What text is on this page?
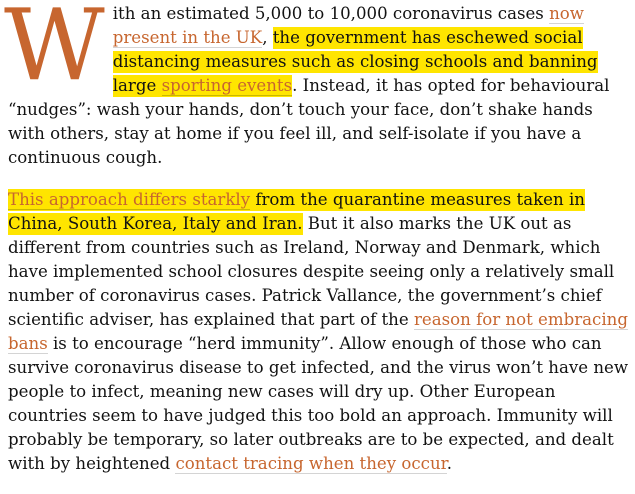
With an estimated 5,000 to 10,000 coronavirus cases now present in the UK, the government has eschewed social distancing measures such as closing schools and banning large sporting events. Instead, it has opted for behavioural “nudges”: wash your hands, don’t touch your face, don’t shake hands with others, stay at home if you feel ill, and self-isolate if you have a continuous cough.

This approach differs starkly from the quarantine measures taken in China, South Korea, Italy and Iran. But it also marks the UK out as different from countries such as Ireland, Norway and Denmark, which have implemented school closures despite seeing only a relatively small number of coronavirus cases. Patrick Vallance, the government’s chief scientific adviser, has explained that part of the reason for not embracing bans is to encourage “herd immunity”. Allow enough of those who can survive coronavirus disease to get infected, and the virus won’t have new people to infect, meaning new cases will dry up. Other European countries seem to have judged this too bold an approach. Immunity will probably be temporary, so later outbreaks are to be expected, and dealt with by heightened contact tracing when they occur.
